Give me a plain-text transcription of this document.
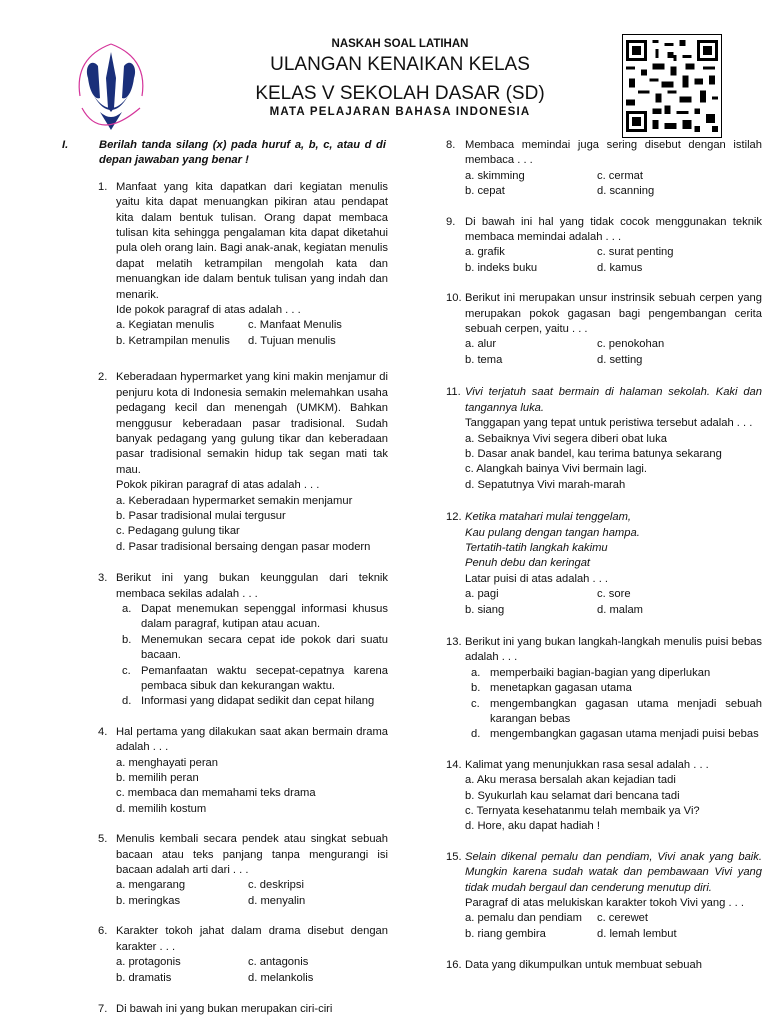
NASKAH SOAL LATIHAN
ULANGAN KENAIKAN KELAS
KELAS V SEKOLAH DASAR (SD)
MATA PELAJARAN BAHASA INDONESIA
I.	Berilah tanda silang (x) pada huruf a, b, c, atau d di depan jawaban yang benar !
1. Manfaat yang kita dapatkan dari kegiatan menulis yaitu kita dapat menuangkan pikiran atau pendapat kita dalam bentuk tulisan. Orang dapat membaca tulisan kita sehingga pengalaman kita dapat diketahui pula oleh orang lain. Bagi anak-anak, kegiatan menulis dapat melatih ketrampilan mengolah kata dan menuangkan ide dalam bentuk tulisan yang indah dan menarik.
Ide pokok paragraf di atas adalah . . .
a. Kegiatan menulis	c. Manfaat Menulis
b. Ketrampilan menulis	d. Tujuan menulis
2. Keberadaan hypermarket yang kini makin menjamur di penjuru kota di Indonesia semakin melemahkan usaha pedagang kecil dan menengah (UMKM). Bahkan menggusur keberadaan pasar tradisional. Sudah banyak pedagang yang gulung tikar dan keberadaan pasar tradisional semakin hidup tak segan mati tak mau.
Pokok pikiran paragraf di atas adalah . . .
a. Keberadaan hypermarket semakin menjamur
b. Pasar tradisional mulai tergusur
c. Pedagang gulung tikar
d. Pasar tradisional bersaing dengan pasar modern
3. Berikut ini yang bukan keunggulan dari teknik membaca sekilas adalah . . .
a. Dapat menemukan sepenggal informasi khusus dalam paragraf, kutipan atau acuan.
b. Menemukan secara cepat ide pokok dari suatu bacaan.
c. Pemanfaatan waktu secepat-cepatnya karena pembaca sibuk dan kekurangan waktu.
d. Informasi yang didapat sedikit dan cepat hilang
4. Hal pertama yang dilakukan saat akan bermain drama adalah . . .
a. menghayati peran
b. memilih peran
c. membaca dan memahami teks drama
d. memilih kostum
5. Menulis kembali secara pendek atau singkat sebuah bacaan atau teks panjang tanpa mengurangi isi bacaan adalah arti dari . . .
a. mengarang	c. deskripsi
b. meringkas	d. menyalin
6. Karakter tokoh jahat dalam drama disebut dengan karakter . . .
a. protagonis	c. antagonis
b. dramatis	d. melankolis
7. Di bawah ini yang bukan merupakan ciri-ciri
8. Membaca memindai juga sering disebut dengan istilah membaca . . .
a. skimming	c. cermat
b. cepat	d. scanning
9. Di bawah ini hal yang tidak cocok menggunakan teknik membaca memindai adalah . . .
a. grafik	c. surat penting
b. indeks buku	d. kamus
10. Berikut ini merupakan unsur instrinsik sebuah cerpen yang merupakan pokok gagasan bagi pengembangan cerita sebuah cerpen, yaitu . . .
a. alur	c. penokohan
b. tema	d. setting
11. Vivi terjatuh saat bermain di halaman sekolah. Kaki dan tangannya luka.
Tanggapan yang tepat untuk peristiwa tersebut adalah . . .
a. Sebaiknya Vivi segera diberi obat luka
b. Dasar anak bandel, kau terima batunya sekarang
c. Alangkah bainya Vivi bermain lagi.
d. Sepatutnya Vivi marah-marah
12. Ketika matahari mulai tenggelam,
Kau pulang dengan tangan hampa.
Tertatih-tatih langkah kakimu
Penuh debu dan keringat
Latar puisi di atas adalah . . .
a. pagi	c. sore
b. siang	d. malam
13. Berikut ini yang bukan langkah-langkah menulis puisi bebas adalah . . .
a. memperbaiki bagian-bagian yang diperlukan
b. menetapkan gagasan utama
c. mengembangkan gagasan utama menjadi sebuah karangan bebas
d. mengembangkan gagasan utama menjadi puisi bebas
14. Kalimat yang menunjukkan rasa sesal adalah . . .
a. Aku merasa bersalah akan kejadian tadi
b. Syukurlah kau selamat dari bencana tadi
c. Ternyata kesehatanmu telah membaik ya Vi?
d. Hore, aku dapat hadiah !
15. Selain dikenal pemalu dan pendiam, Vivi anak yang baik. Mungkin karena sudah watak dan pembawaan Vivi yang tidak mudah bergaul dan cenderung menutup diri.
Paragraf di atas melukiskan karakter tokoh Vivi yang . . .
a. pemalu dan pendiam	c. cerewet
b. riang gembira	d. lemah lembut
16. Data yang dikumpulkan untuk membuat sebuah
